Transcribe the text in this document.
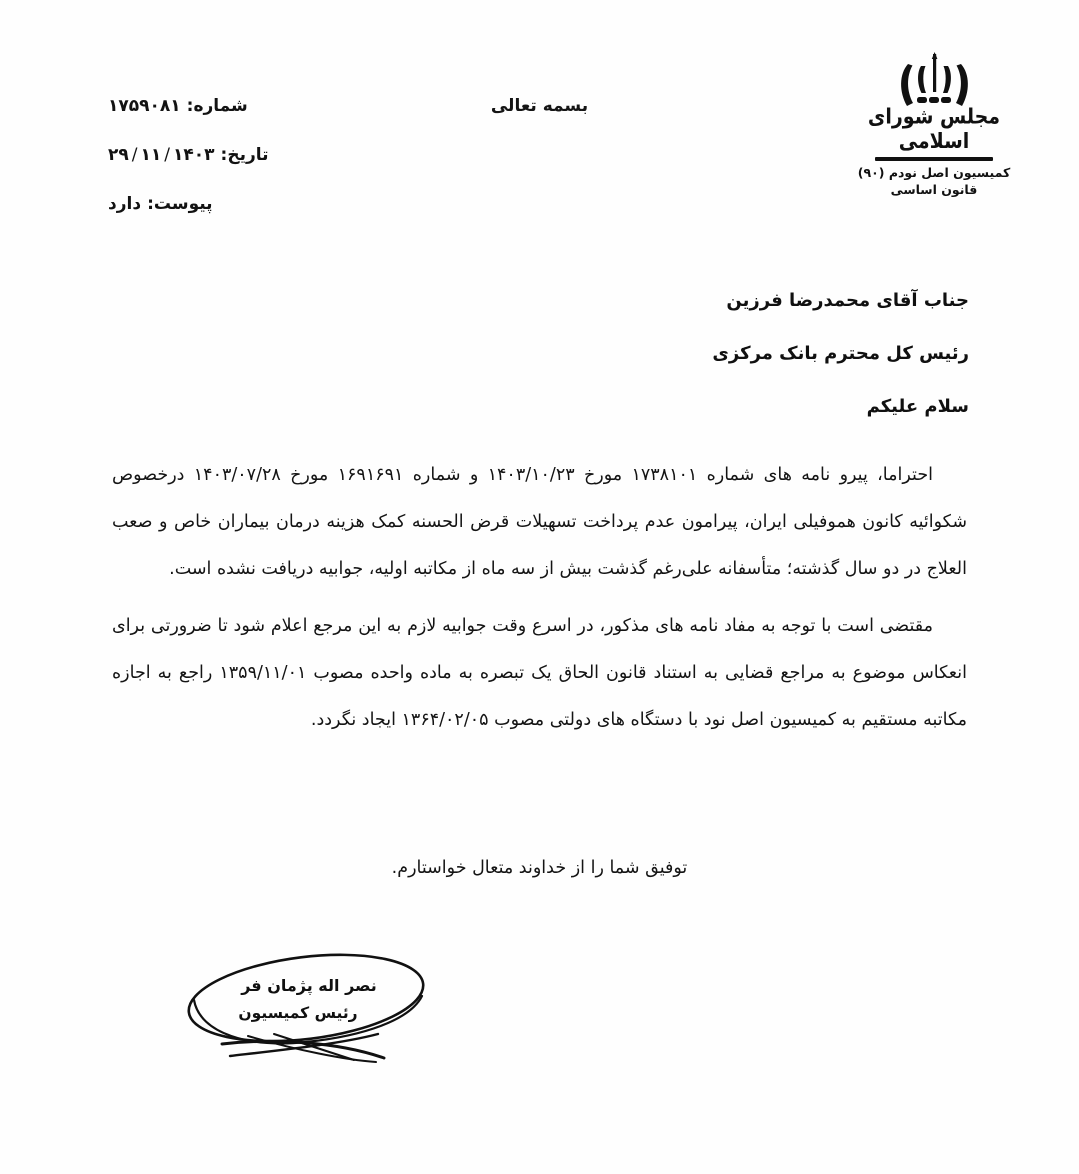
مجلس شورای اسلامی
کمیسیون اصل نودم (۹۰)
قانون اساسی
بسمه تعالی
شماره:۱۷۵۹۰۸۱
تاریخ:۲۹ / ۱۱ / ۱۴۰۳
پیوست:دارد
جناب آقای محمدرضا فرزین
رئیس کل محترم بانک مرکزی
سلام علیکم

احتراما، پیرو نامه های شماره ۱۷۳۸۱۰۱ مورخ ۱۴۰۳/۱۰/۲۳ و شماره ۱۶۹۱۶۹۱ مورخ ۱۴۰۳/۰۷/۲۸ درخصوص شکوائیه کانون هموفیلی ایران، پیرامون عدم پرداخت تسهیلات قرض الحسنه کمک هزینه درمان بیماران خاص و صعب العلاج در دو سال گذشته؛ متأسفانه علی‌رغم گذشت بیش از سه ماه از مکاتبه اولیه، جوابیه دریافت نشده است.

مقتضی است با توجه به مفاد نامه های مذکور، در اسرع وقت جوابیه لازم به این مرجع اعلام شود تا ضرورتی برای انعکاس موضوع به مراجع قضایی به استناد قانون الحاق یک تبصره به ماده واحده مصوب ۱۳۵۹/۱۱/۰۱ راجع به اجازه مکاتبه مستقیم به کمیسیون اصل نود با دستگاه های دولتی مصوب ۱۳۶۴/۰۲/۰۵ ایجاد نگردد.

توفیق شما را از خداوند متعال خواستارم.
نصر اله پژمان فر
رئیس کمیسیون
